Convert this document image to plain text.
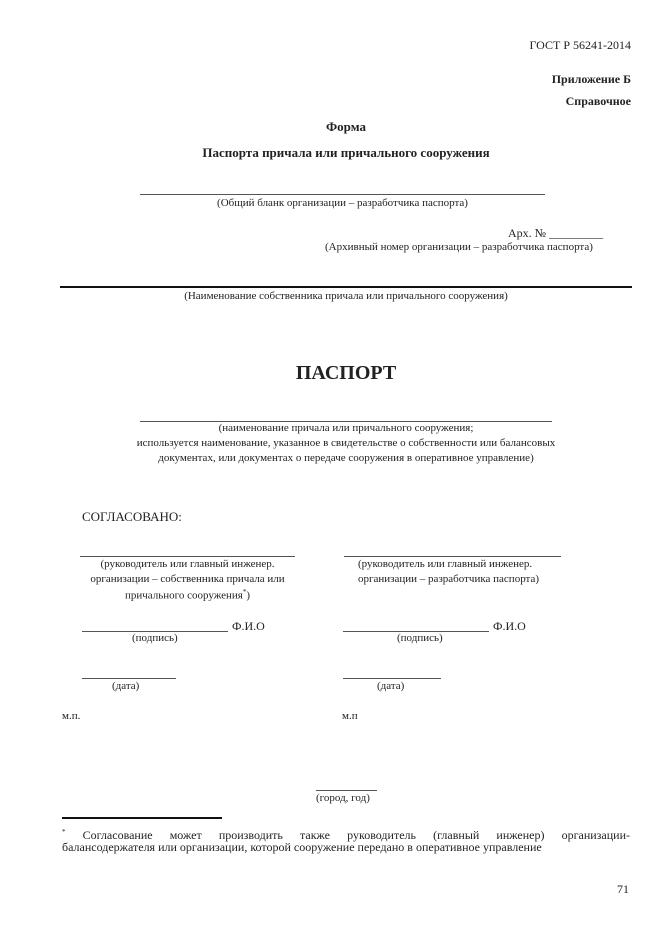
ГОСТ Р 56241-2014
Приложение Б
Справочное
Форма
Паспорта причала или причального сооружения
(Общий бланк организации – разработчика паспорта)
Арх. № _________
(Архивный номер организации – разработчика паспорта)
(Наименование собственника причала или причального сооружения)
ПАСПОРТ
(наименование причала или причального сооружения;
используется наименование, указанное в свидетельстве о собственности или балансовых
документах, или документах о передаче сооружения в оперативное управление)
СОГЛАСОВАНО:
(руководитель или главный инженер.
организации – собственника причала или
причального сооружения*)
Ф.И.О
(подпись)
(дата)
м.п.
(руководитель или главный инженер.
организации – разработчика паспорта)
Ф.И.О
(подпись)
(дата)
м.п
(город, год)
* Согласование может производить также руководитель (главный инженер) организации-
балансодержателя или организации, которой сооружение передано в оперативное управление
71
